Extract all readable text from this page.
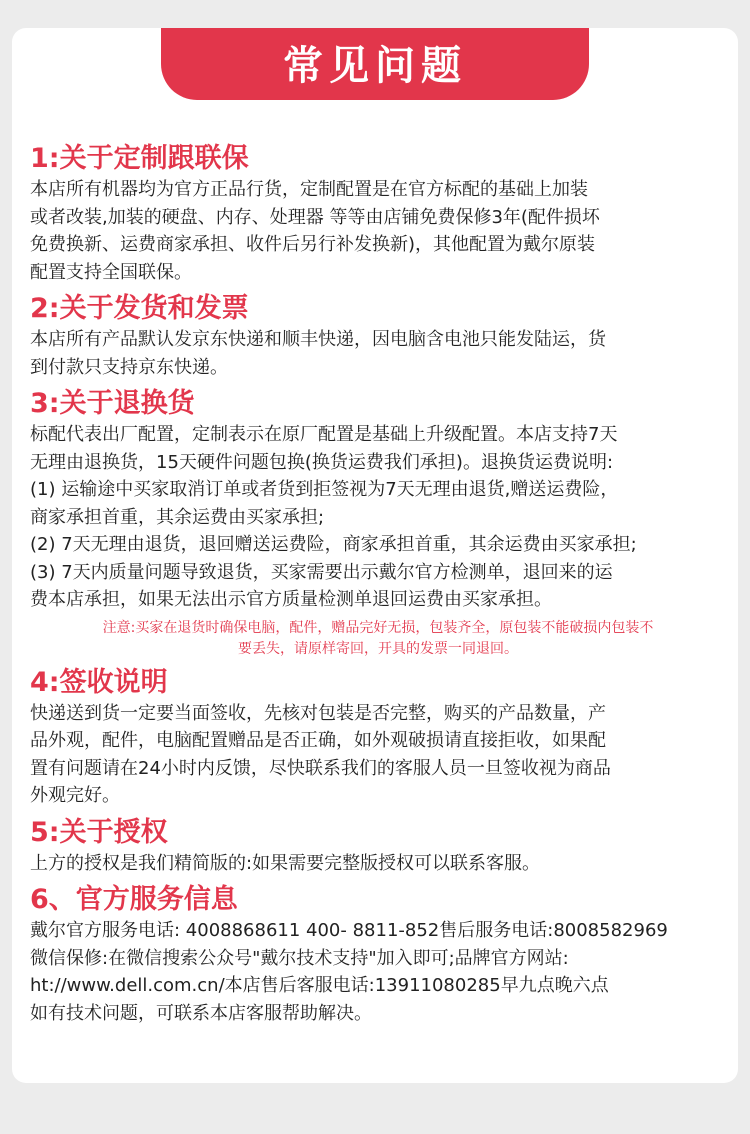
常见问题
1:关于定制跟联保

本店所有机器均为官方正品行货，定制配置是在官方标配的基础上加装
或者改装,加装的硬盘、内存、处理器 等等由店铺免费保修3年(配件损坏
免费换新、运费商家承担、收件后另行补发换新)，其他配置为戴尔原装
配置支持全国联保。

2:关于发货和发票

本店所有产品默认发京东快递和顺丰快递，因电脑含电池只能发陆运，货
到付款只支持京东快递。

3:关于退换货

标配代表出厂配置，定制表示在原厂配置是基础上升级配置。本店支持7天
无理由退换货，15天硬件问题包换(换货运费我们承担)。退换货运费说明:
(1) 运输途中买家取消订单或者货到拒签视为7天无理由退货,赠送运费险，
商家承担首重，其余运费由买家承担;
(2) 7天无理由退货，退回赠送运费险，商家承担首重，其余运费由买家承担;
(3) 7天内质量问题导致退货，买家需要出示戴尔官方检测单，退回来的运
费本店承担，如果无法出示官方质量检测单退回运费由买家承担。

注意:买家在退货时确保电脑，配件，赠品完好无损，包装齐全，原包装不能破损内包装不
要丢失，请原样寄回，开具的发票一同退回。

4:签收说明

快递送到货一定要当面签收，先核对包装是否完整，购买的产品数量，产
品外观，配件，电脑配置赠品是否正确，如外观破损请直接拒收，如果配
置有问题请在24小时内反馈，尽快联系我们的客服人员一旦签收视为商品
外观完好。

5:关于授权

上方的授权是我们精简版的:如果需要完整版授权可以联系客服。

6、官方服务信息

戴尔官方服务电话: 4008868611 400- 8811-852售后服务电话:8008582969
微信保修:在微信搜索公众号"戴尔技术支持"加入即可;品牌官方网站:
ht://www.dell.com.cn/本店售后客服电话:13911080285早九点晚六点
如有技术问题，可联系本店客服帮助解决。
